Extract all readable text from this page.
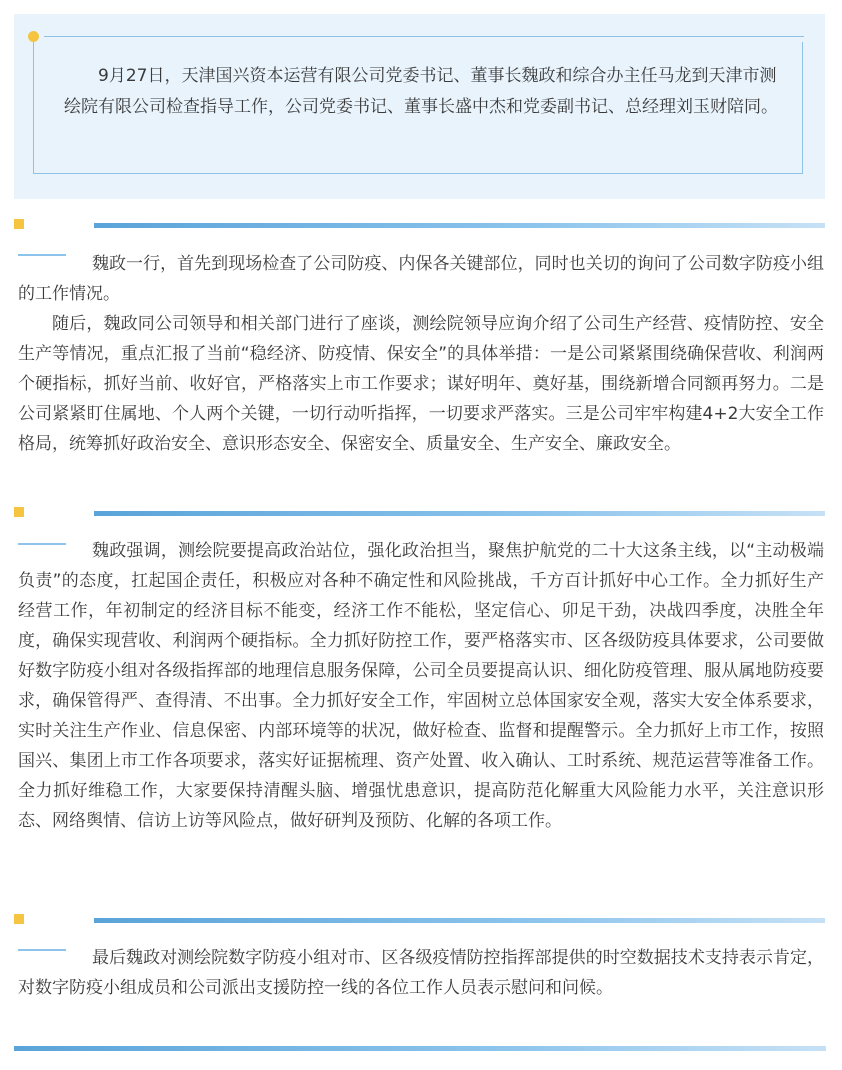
9月27日，天津国兴资本运营有限公司党委书记、董事长魏政和综合办主任马龙到天津市测绘院有限公司检查指导工作，公司党委书记、董事长盛中杰和党委副书记、总经理刘玉财陪同。

魏政一行，首先到现场检查了公司防疫、内保各关键部位，同时也关切的询问了公司数字防疫小组的工作情况。

随后，魏政同公司领导和相关部门进行了座谈，测绘院领导应询介绍了公司生产经营、疫情防控、安全生产等情况，重点汇报了当前“稳经济、防疫情、保安全”的具体举措：一是公司紧紧围绕确保营收、利润两个硬指标，抓好当前、收好官，严格落实上市工作要求；谋好明年、奠好基，围绕新增合同额再努力。二是公司紧紧盯住属地、个人两个关键，一切行动听指挥，一切要求严落实。三是公司牢牢构建4+2大安全工作格局，统筹抓好政治安全、意识形态安全、保密安全、质量安全、生产安全、廉政安全。

魏政强调，测绘院要提高政治站位，强化政治担当，聚焦护航党的二十大这条主线，以“主动极端负责”的态度，扛起国企责任，积极应对各种不确定性和风险挑战，千方百计抓好中心工作。全力抓好生产经营工作，年初制定的经济目标不能变，经济工作不能松，坚定信心、卯足干劲，决战四季度，决胜全年度，确保实现营收、利润两个硬指标。全力抓好防控工作，要严格落实市、区各级防疫具体要求，公司要做好数字防疫小组对各级指挥部的地理信息服务保障，公司全员要提高认识、细化防疫管理、服从属地防疫要求，确保管得严、查得清、不出事。全力抓好安全工作，牢固树立总体国家安全观，落实大安全体系要求，实时关注生产作业、信息保密、内部环境等的状况，做好检查、监督和提醒警示。全力抓好上市工作，按照国兴、集团上市工作各项要求，落实好证据梳理、资产处置、收入确认、工时系统、规范运营等准备工作。全力抓好维稳工作，大家要保持清醒头脑、增强忧患意识，提高防范化解重大风险能力水平，关注意识形态、网络舆情、信访上访等风险点，做好研判及预防、化解的各项工作。

最后魏政对测绘院数字防疫小组对市、区各级疫情防控指挥部提供的时空数据技术支持表示肯定，对数字防疫小组成员和公司派出支援防控一线的各位工作人员表示慰问和问候。
